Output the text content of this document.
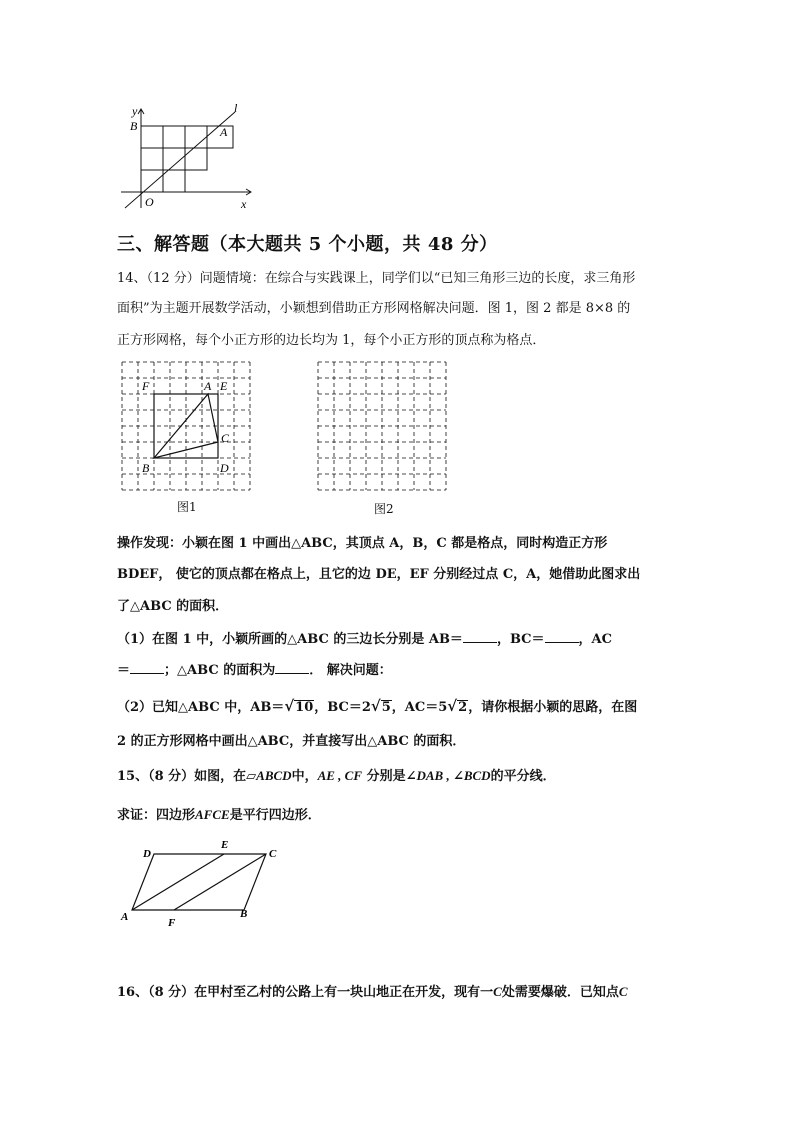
y
B	A
l
O	x
三、解答题（本大题共 5 个小题，共 48 分）
14、（12 分）问题情境：在综合与实践课上，同学们以“已知三角形三边的长度，求三角形
面积”为主题开展数学活动，小颖想到借助正方形网格解决问题．图 1，图 2 都是 8×8 的
正方形网格，每个小正方形的边长均为 1，每个小正方形的顶点称为格点．
F	A E
C
B	D
图1	图2
操作发现：小颖在图 1 中画出△ABC，其顶点 A，B，C 都是格点，同时构造正方形
BDEF， 使它的顶点都在格点上，且它的边 DE，EF 分别经过点 C，A，她借助此图求出
了△ABC 的面积．
（1）在图 1 中，小颖所画的△ABC 的三边长分别是 AB＝	，BC＝	，AC
＝	；△ABC 的面积为	． 解决问题：
（2）已知△ABC 中，AB＝√10，BC＝2√5，AC＝5√2，请你根据小颖的思路，在图
2 的正方形网格中画出△ABC，并直接写出△ABC 的面积．
15、（8 分）如图，在▱ABCD中，AE , CF 分别是∠DAB , ∠BCD的平分线．
求证：四边形AFCE是平行四边形．
D
E
C
A	F
B
16、（8 分）在甲村至乙村的公路上有一块山地正在开发，现有一C处需要爆破．已知点C
